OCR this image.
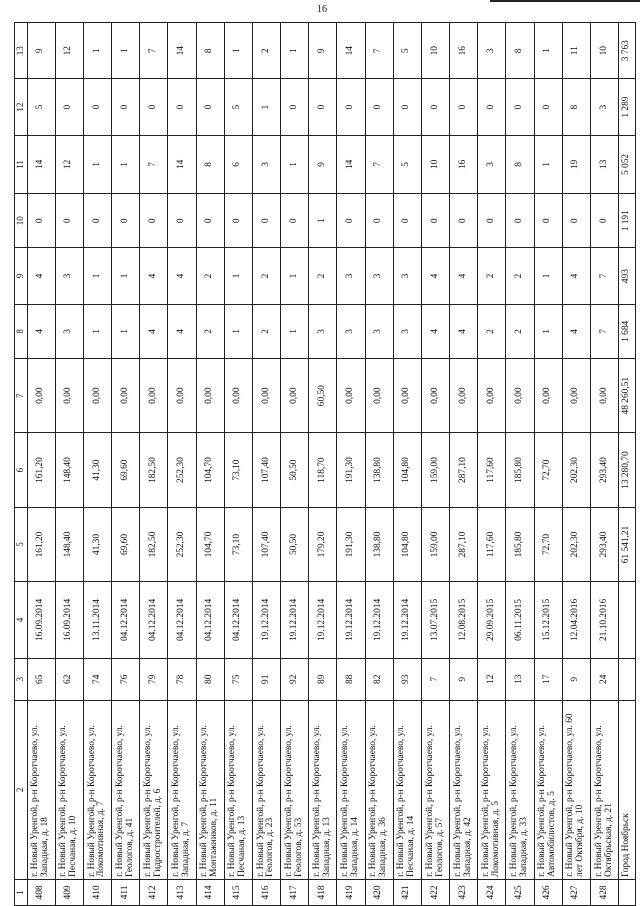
16
1	2	3	4	5	6	7	8	9	10	11	12	13
408	г. Новый Уренгой, р-н Коротчаево, ул. Западная, д. 18	65	16.09.2014	161,20	161,20	0,00	4	4	0	14	5	9
409	г. Новый Уренгой, р-н Коротчаево, ул. Песчаная, д. 10	62	16.09.2014	148,40	148,40	0,00	3	3	0	12	0	12
410	г. Новый Уренгой, р-н Коротчаево, ул. Локомотивная, д. 7	74	13.11.2014	41,30	41,30	0,00	1	1	0	1	0	1
411	г. Новый Уренгой, р-н Коротчаево, ул. Геологов, д. 41	76	04.12.2014	69,60	69,60	0,00	1	1	0	1	0	1
412	г. Новый Уренгой, р-н Коротчаево, ул. Гидростроителей, д. 6	79	04.12.2014	182,50	182,50	0,00	4	4	0	7	0	7
413	г. Новый Уренгой, р-н Коротчаево, ул. Западная, д. 7	78	04.12.2014	252,30	252,30	0,00	4	4	0	14	0	14
414	г. Новый Уренгой, р-н Коротчаево, ул. Монтажников, д. 11	80	04.12.2014	104,70	104,70	0,00	2	2	0	8	0	8
415	г. Новый Уренгой, р-н Коротчаево, ул. Песчаная, д. 13	75	04.12.2014	73,10	73,10	0,00	1	1	0	6	5	1
416	г. Новый Уренгой, р-н Коротчаево, ул. Геологов, д. 23	91	19.12.2014	107,40	107,40	0,00	2	2	0	3	1	2
417	г. Новый Уренгой, р-н Коротчаево, ул. Геологов, д. 53	92	19.12.2014	50,50	50,50	0,00	1	1	0	1	0	1
418	г. Новый Уренгой, р-н Коротчаево, ул. Западная, д. 13	89	19.12.2014	179,20	118,70	60,50	3	2	1	9	0	9
419	г. Новый Уренгой, р-н Коротчаево, ул. Западная, д. 14	88	19.12.2014	191,30	191,30	0,00	3	3	0	14	0	14
420	г. Новый Уренгой, р-н Коротчаево, ул. Западная, д. 36	82	19.12.2014	138,80	138,80	0,00	3	3	0	7	0	7
421	г. Новый Уренгой, р-н Коротчаево, ул. Песчаная, д. 14	93	19.12.2014	104,80	104,80	0,00	3	3	0	5	0	5
422	г. Новый Уренгой, р-н Коротчаево, ул. Геологов, д. 57	7	13.07.2015	159,00	159,00	0,00	4	4	0	10	0	10
423	г. Новый Уренгой, р-н Коротчаево, ул. Западная, д. 42	9	12.08.2015	287,10	287,10	0,00	4	4	0	16	0	16
424	г. Новый Уренгой, р-н Коротчаево, ул. Локомотивная, д. 5	12	29.09.2015	117,60	117,60	0,00	2	2	0	3	0	3
425	г. Новый Уренгой, р-н Коротчаево, ул. Западная, д. 33	13	06.11.2015	185,80	185,80	0,00	2	2	0	8	0	8
426	г. Новый Уренгой, р-н Коротчаево, ул. Автомобилистов, д. 5	17	15.12.2015	72,70	72,70	0,00	1	1	0	1	0	1
427	г. Новый Уренгой, р-н Коротчаево, ул. 60 лет Октября, д. 10	9	12.04.2016	202,30	202,30	0,00	4	4	0	19	8	11
428	г. Новый Уренгой, р-н Коротчаево, ул. Октябрьская, д. 21	24	21.10.2016	293,40	293,40	0,00	7	7	0	13	3	10
	Город Ноябрьск			61 541,21	13 280,70	48 260,51	1 684	493	1 191	5 052	1 289	3 763
